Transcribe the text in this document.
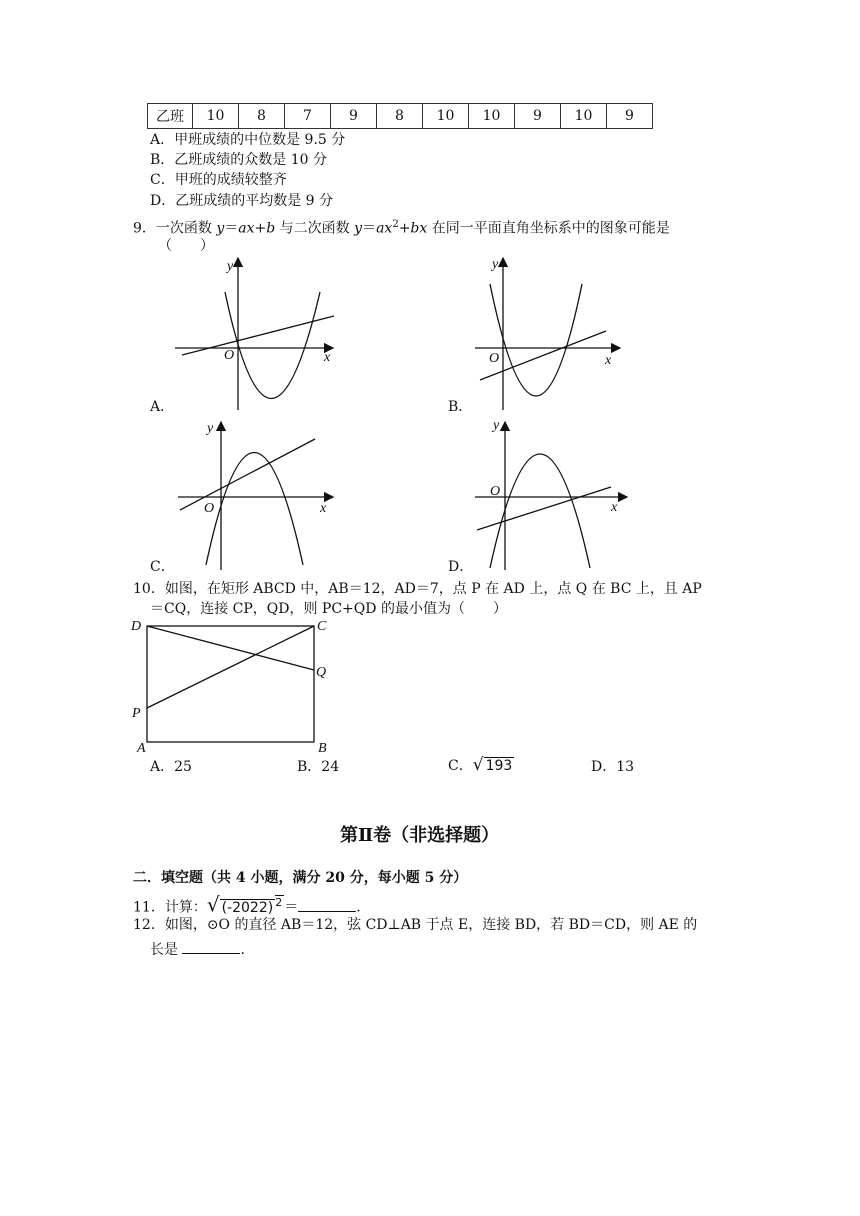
乙班	10	8	7	9	8	10	10	9	10	9
A．甲班成绩的中位数是 9.5 分
B．乙班成绩的众数是 10 分
C．甲班的成绩较整齐
D．乙班成绩的平均数是 9 分
9．一次函数 y＝ax+b 与二次函数 $y=ax^2+bx$ 在同一平面直角坐标系中的图象可能是
（　　）
y
x
O
y
x
O
y
x
O
y
x
O
A．	B．
C．	D．
10．如图，在矩形 ABCD 中，AB＝12，AD＝7，点 P 在 AD 上，点 Q 在 BC 上，且 AP
＝CQ，连接 CP，QD，则 PC+QD 的最小值为（　　）
D	C
Q
P
A	B
A．25	B．24	C．√ 193	D．13
第Ⅱ卷（非选择题）
二．填空题（共 4 小题，满分 20 分，每小题 5 分）
11．计算：√ (-2022) $^2$ ＝	.
12．如图，⊙O 的直径 AB＝12，弦 CD⊥AB 于点 E，连接 BD，若 BD＝CD，则 AE 的
长是	.
